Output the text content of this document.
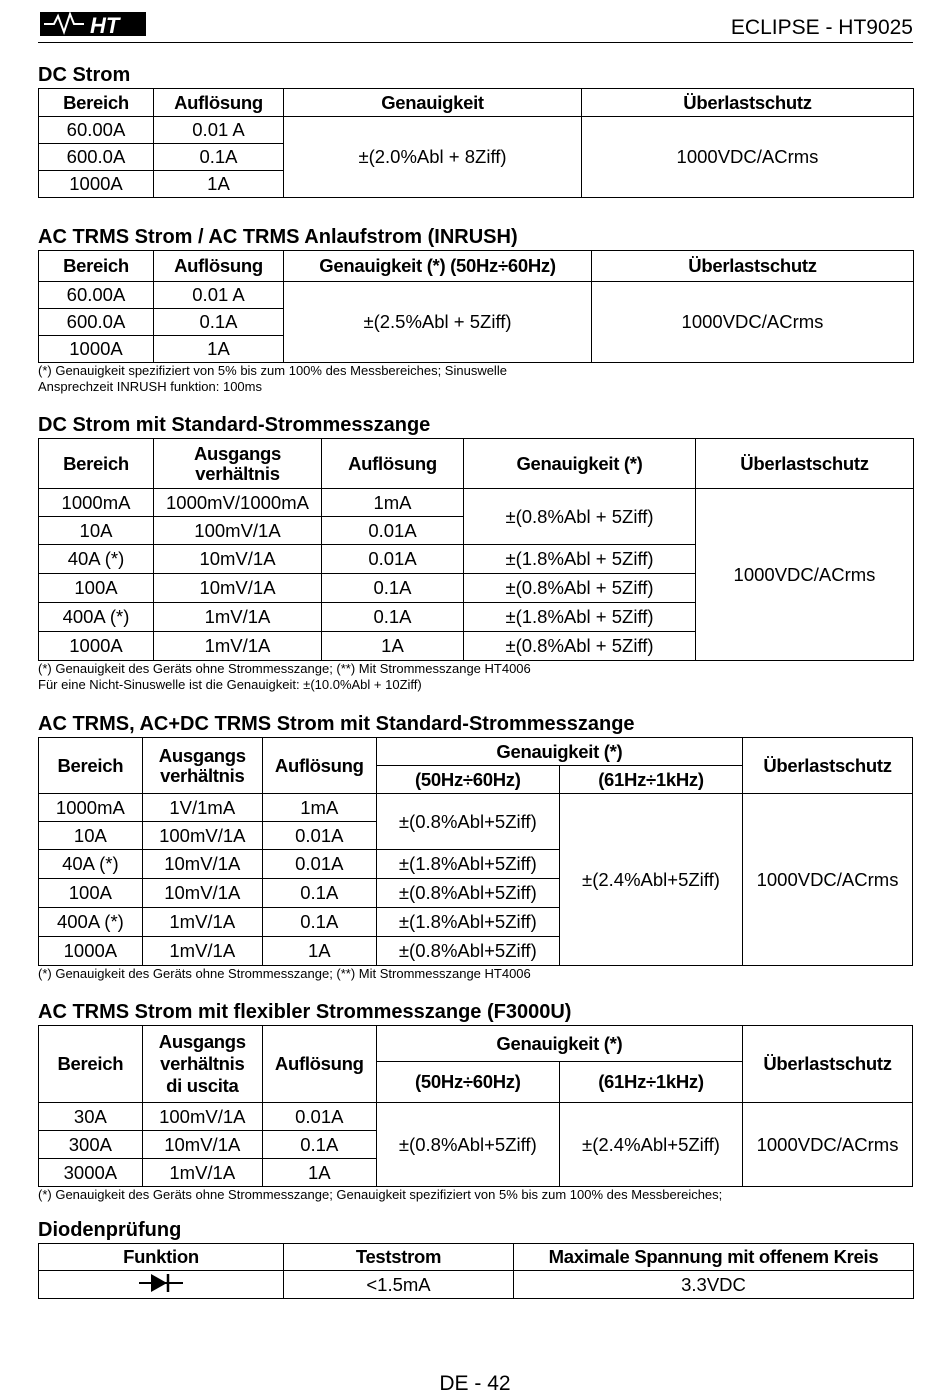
HT	ECLIPSE - HT9025
DC Strom
Bereich	Auflösung	Genauigkeit	Überlastschutz
60.00A	0.01 A	±(2.0%Abl + 8Ziff)	1000VDC/ACrms
600.0A	0.1A		
1000A	1A		
AC TRMS Strom / AC TRMS Anlaufstrom (INRUSH)
Bereich	Auflösung	Genauigkeit (*) (50Hz÷60Hz)	Überlastschutz
60.00A	0.01 A	±(2.5%Abl + 5Ziff)	1000VDC/ACrms
600.0A	0.1A		
1000A	1A		
(*) Genauigkeit spezifiziert von 5% bis zum 100% des Messbereiches; Sinuswelle
Ansprechzeit INRUSH funktion: 100ms
DC Strom mit Standard-Strommesszange
Bereich	Ausgangs verhältnis	Auflösung	Genauigkeit (*)	Überlastschutz
1000mA	1000mV/1000mA	1mA	±(0.8%Abl + 5Ziff)	1000VDC/ACrms
10A	100mV/1A	0.01A		
40A (*)	10mV/1A	0.01A	±(1.8%Abl + 5Ziff)	
100A	10mV/1A	0.1A	±(0.8%Abl + 5Ziff)	
400A (*)	1mV/1A	0.1A	±(1.8%Abl + 5Ziff)	
1000A	1mV/1A	1A	±(0.8%Abl + 5Ziff)	
(*) Genauigkeit des Geräts ohne Strommesszange; (**) Mit Strommesszange HT4006
Für eine Nicht-Sinuswelle ist die Genauigkeit: ±(10.0%Abl + 10Ziff)
AC TRMS, AC+DC TRMS Strom mit Standard-Strommesszange
Bereich	Ausgangs verhältnis	Auflösung	Genauigkeit (*)		Überlastschutz
			(50Hz÷60Hz)	(61Hz÷1kHz)	
1000mA	1V/1mA	1mA	±(0.8%Abl+5Ziff)	±(2.4%Abl+5Ziff)	1000VDC/ACrms
10A	100mV/1A	0.01A			
40A (*)	10mV/1A	0.01A	±(1.8%Abl+5Ziff)		
100A	10mV/1A	0.1A	±(0.8%Abl+5Ziff)		
400A (*)	1mV/1A	0.1A	±(1.8%Abl+5Ziff)		
1000A	1mV/1A	1A	±(0.8%Abl+5Ziff)		
(*) Genauigkeit des Geräts ohne Strommesszange; (**) Mit Strommesszange HT4006
AC TRMS Strom mit flexibler Strommesszange (F3000U)
Bereich	Ausgangs verhältnis di uscita	Auflösung	Genauigkeit (*)		Überlastschutz
			(50Hz÷60Hz)	(61Hz÷1kHz)	
30A	100mV/1A	0.01A	±(0.8%Abl+5Ziff)	±(2.4%Abl+5Ziff)	1000VDC/ACrms
300A	10mV/1A	0.1A			
3000A	1mV/1A	1A			
(*) Genauigkeit des Geräts ohne Strommesszange; Genauigkeit spezifiziert von 5% bis zum 100% des Messbereiches;
Diodenprüfung
Funktion	Teststrom	Maximale Spannung mit offenem Kreis
	<1.5mA	3.3VDC
DE - 42
